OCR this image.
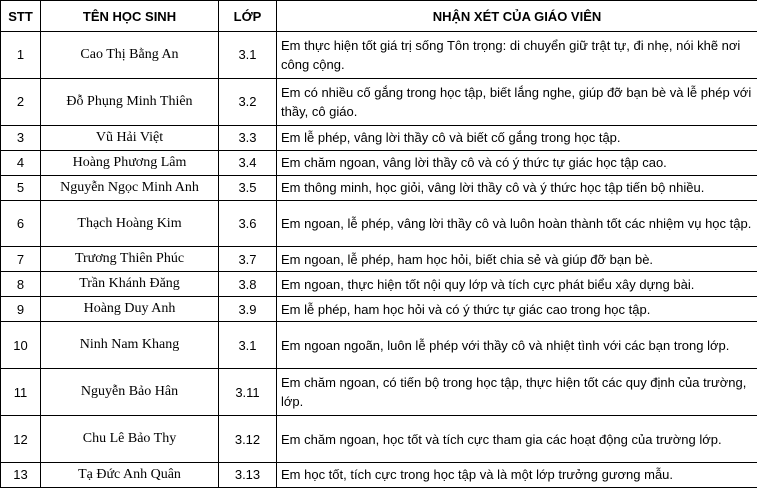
STT	TÊN HỌC SINH	LỚP	NHẬN XÉT CỦA GIÁO VIÊN
1	Cao Thị Bằng An	3.1	Em thực hiện tốt giá trị sống Tôn trọng: di chuyển giữ trật tự, đi nhẹ, nói khẽ nơi công cộng.
2	Đỗ Phụng Minh Thiên	3.2	Em có nhiều cố gắng trong học tập, biết lắng nghe, giúp đỡ bạn bè và lễ phép với thầy, cô giáo.
3	Vũ Hải Việt	3.3	Em lễ phép, vâng lời thầy cô và biết cố gắng trong học tập.
4	Hoàng Phương Lâm	3.4	Em chăm ngoan, vâng lời thầy cô và có ý thức tự giác học tập cao.
5	Nguyễn Ngọc Minh Anh	3.5	Em thông minh, học giỏi, vâng lời thầy cô và ý thức học tập tiến bộ nhiều.
6	Thạch Hoàng Kim	3.6	Em ngoan, lễ phép, vâng lời thầy cô và luôn hoàn thành tốt các nhiệm vụ học tập.
7	Trương Thiên Phúc	3.7	Em ngoan, lễ phép, ham học hỏi, biết chia sẻ và giúp đỡ bạn bè.
8	Trần Khánh Đăng	3.8	Em ngoan, thực hiện tốt nội quy lớp và tích cực phát biểu xây dựng bài.
9	Hoàng Duy Anh	3.9	Em lễ phép, ham học hỏi và có ý thức tự giác cao trong học tập.
10	Ninh Nam Khang	3.1	Em ngoan ngoãn, luôn lễ phép với thầy cô và nhiệt tình với các bạn trong lớp.
11	Nguyễn Bảo Hân	3.11	Em chăm ngoan, có tiến bộ trong học tập, thực hiện tốt các quy định của trường, lớp.
12	Chu Lê Bảo Thy	3.12	Em chăm ngoan, học tốt và tích cực tham gia các hoạt động của trường lớp.
13	Tạ Đức Anh Quân	3.13	Em học tốt, tích cực trong học tập và là một lớp trưởng gương mẫu.
